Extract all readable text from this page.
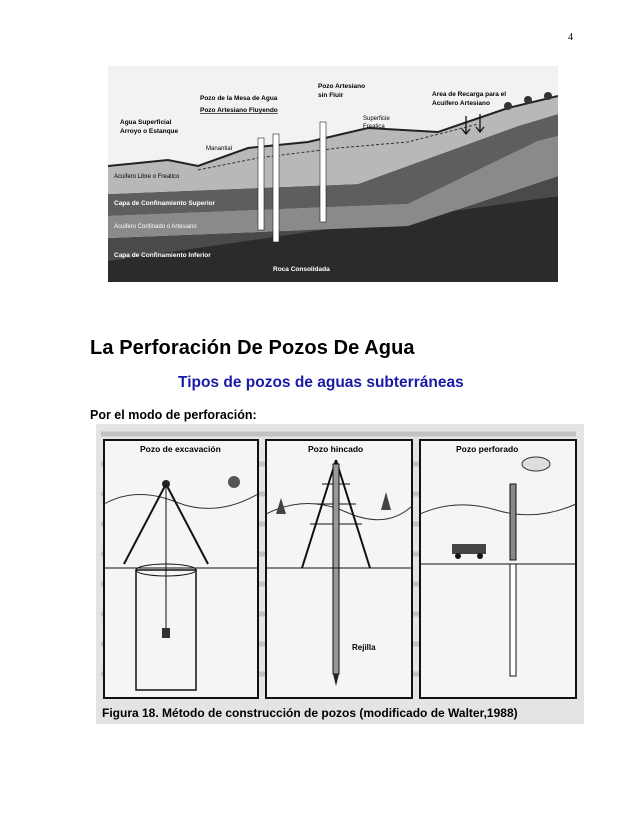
4
Agua Superficial
Arroyo o Estanque
Pozo de la Mesa de Agua
Pozo Artesiano Fluyendo
Pozo Artesiano
sin Fluir	Area de Recarga para el
Acuifero Artesiano
Superficie
Freatica
Manantial
Acuifero Libre o Freatico
Capa de Confinamiento Superior
Acuifero Confinado o Artesiano
Capa de Confinamiento Inferior
Roca Consolidada
La Perforación De Pozos De Agua
Tipos de pozos de aguas subterráneas
Por el modo de perforación:
Pozo de excavación	Pozo hincado
Rejilla
Pozo perforado
Figura 18. Método de construcción de pozos (modificado de Walter,1988)
